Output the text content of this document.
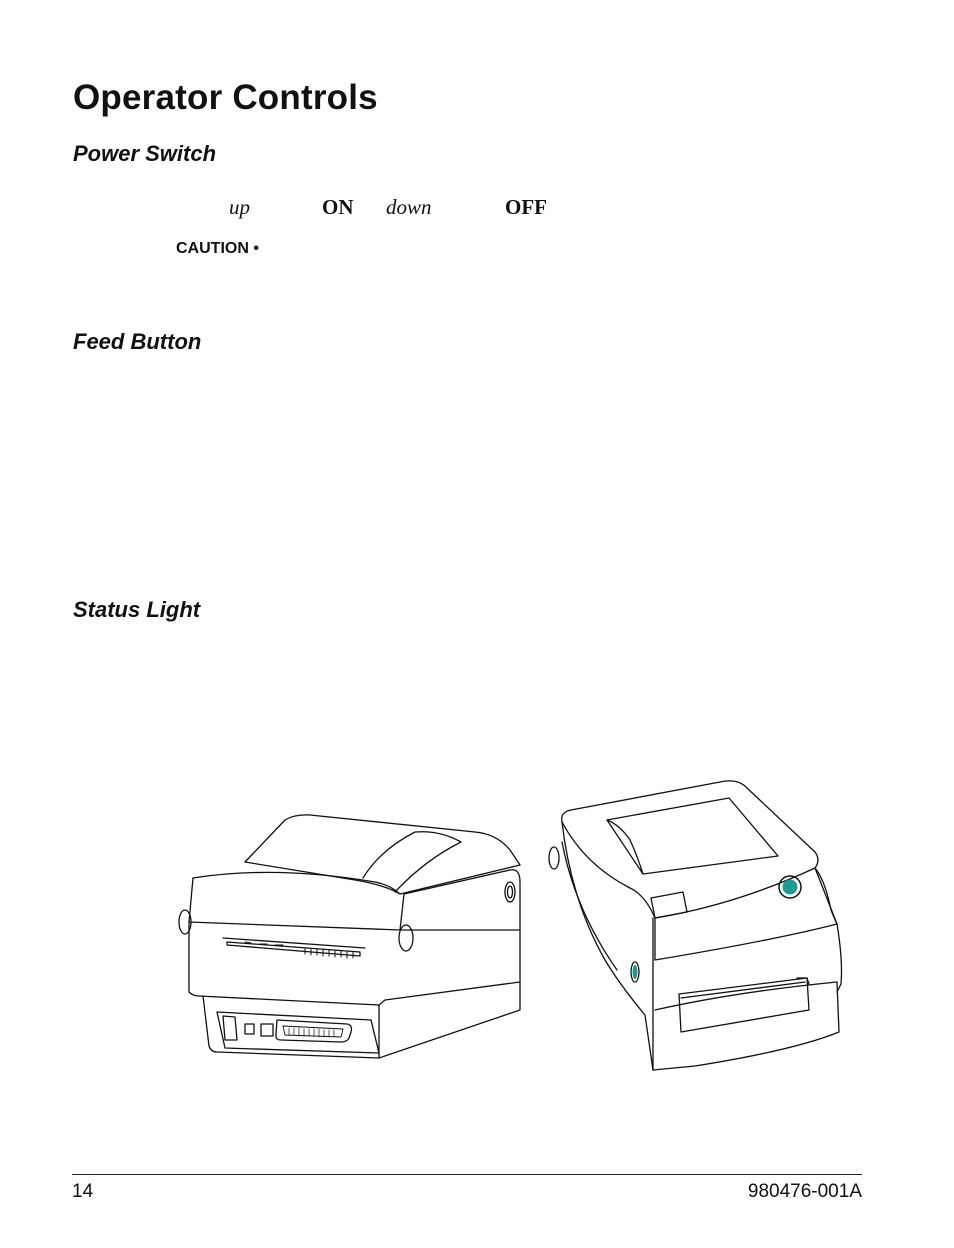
Operator Controls
Power Switch
up	ON down	OFF
CAUTION •
Feed Button
Status Light
14	980476-001A
